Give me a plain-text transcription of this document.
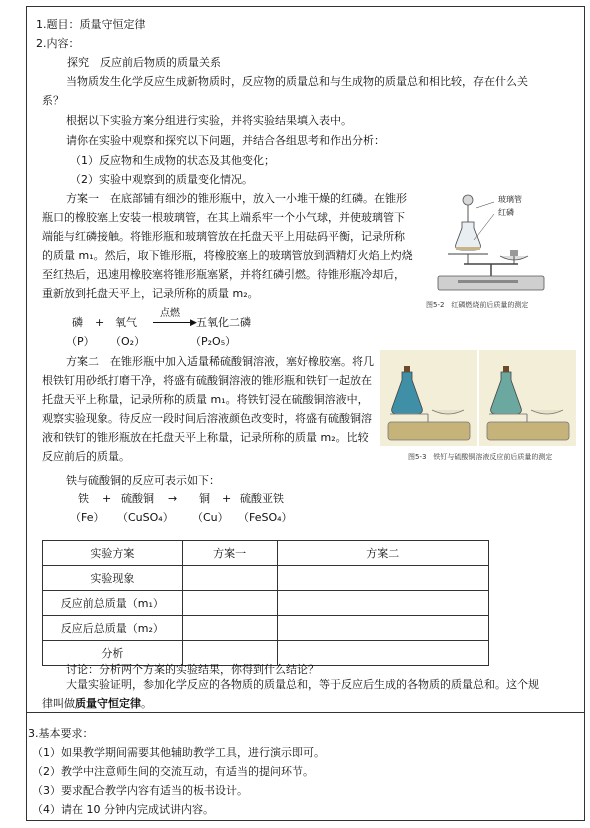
1.题目：质量守恒定律
2.内容：
探究　反应前后物质的质量关系
当物质发生化学反应生成新物质时，反应物的质量总和与生成物的质量总和相比较，存在什么关系？
根据以下实验方案分组进行实验，并将实验结果填入表中。
请你在实验中观察和探究以下问题，并结合各组思考和作出分析：
（1）反应物和生成物的状态及其他变化；
（2）实验中观察到的质量变化情况。
方案一　在底部铺有细沙的锥形瓶中，放入一小堆干燥的红磷。在锥形瓶口的橡胶塞上安装一根玻璃管，在其上端系牢一个小气球，并使玻璃管下端能与红磷接触。将锥形瓶和玻璃管放在托盘天平上用砝码平衡，记录所称的质量 m₁。然后，取下锥形瓶，将橡胶塞上的玻璃管放到酒精灯火焰上灼烧至红热后，迅速用橡胶塞将锥形瓶塞紧，并将红磷引燃。待锥形瓶冷却后，重新放到托盘天平上，记录所称的质量 m₂。
玻璃管
红磷
图5-2　红磷燃烧前后质量的测定
磷 + 氧气
点燃
▶ 五氧化二磷
（P） （O₂）	（P₂O₅）
方案二　在锥形瓶中加入适量稀硫酸铜溶液，塞好橡胶塞。将几根铁钉用砂纸打磨干净，将盛有硫酸铜溶液的锥形瓶和铁钉一起放在托盘天平上称量，记录所称的质量 m₁。将铁钉浸在硫酸铜溶液中，观察实验现象。待反应一段时间后溶液颜色改变时，将盛有硫酸铜溶液和铁钉的锥形瓶放在托盘天平上称量，记录所称的质量 m₂。比较反应前后的质量。	图5-3　铁钉与硫酸铜溶液反应前后质量的测定
铁与硫酸铜的反应可表示如下：
铁 + 硫酸铜 → 铜 + 硫酸亚铁
（Fe） （CuSO₄） （Cu） （FeSO₄）
实验方案	方案一	方案二
实验现象		
反应前总质量（m₁）		
反应后总质量（m₂）		
分析		
讨论：分析两个方案的实验结果，你得到什么结论？
大量实验证明，参加化学反应的各物质的质量总和，等于反应后生成的各物质的质量总和。这个规律叫做质量守恒定律。
3.基本要求：
（1）如果教学期间需要其他辅助教学工具，进行演示即可。
（2）教学中注意师生间的交流互动，有适当的提问环节。
（3）要求配合教学内容有适当的板书设计。
（4）请在 10 分钟内完成试讲内容。
